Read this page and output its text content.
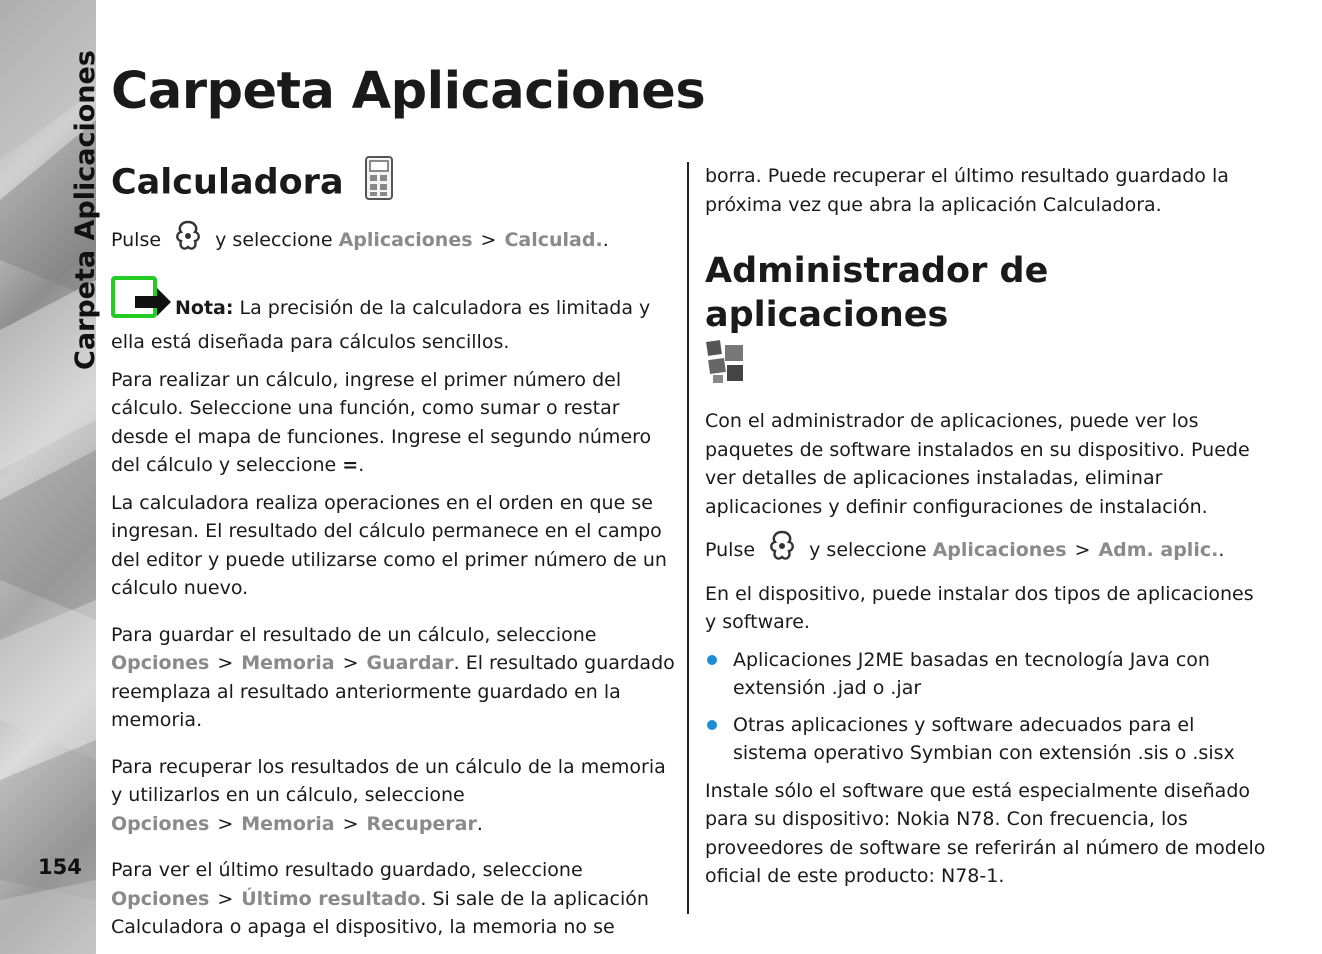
Carpeta Aplicaciones
154
Carpeta Aplicaciones
Calculadora

Pulse	y seleccione Aplicaciones > Calculad..

Nota: La precisión de la calculadora es limitada y ella está diseñada para cálculos sencillos.

Para realizar un cálculo, ingrese el primer número del cálculo. Seleccione una función, como sumar o restar desde el mapa de funciones. Ingrese el segundo número del cálculo y seleccione =.

La calculadora realiza operaciones en el orden en que se ingresan. El resultado del cálculo permanece en el campo del editor y puede utilizarse como el primer número de un cálculo nuevo.

Para guardar el resultado de un cálculo, seleccione
Opciones > Memoria > Guardar. El resultado guardado reemplaza al resultado anteriormente guardado en la memoria.

Para recuperar los resultados de un cálculo de la memoria y utilizarlos en un cálculo, seleccione
Opciones > Memoria > Recuperar.

Para ver el último resultado guardado, seleccione
Opciones > Último resultado. Si sale de la aplicación Calculadora o apaga el dispositivo, la memoria no se

borra. Puede recuperar el último resultado guardado la próxima vez que abra la aplicación Calculadora.

Administrador de aplicaciones

Con el administrador de aplicaciones, puede ver los paquetes de software instalados en su dispositivo. Puede ver detalles de aplicaciones instaladas, eliminar aplicaciones y definir configuraciones de instalación.

Pulse	y seleccione Aplicaciones > Adm. aplic..

En el dispositivo, puede instalar dos tipos de aplicaciones y software.

Aplicaciones J2ME basadas en tecnología Java con extensión .jad o .jar
Otras aplicaciones y software adecuados para el sistema operativo Symbian con extensión .sis o .sisx

Instale sólo el software que está especialmente diseñado para su dispositivo: Nokia N78. Con frecuencia, los proveedores de software se referirán al número de modelo oficial de este producto: N78-1.
